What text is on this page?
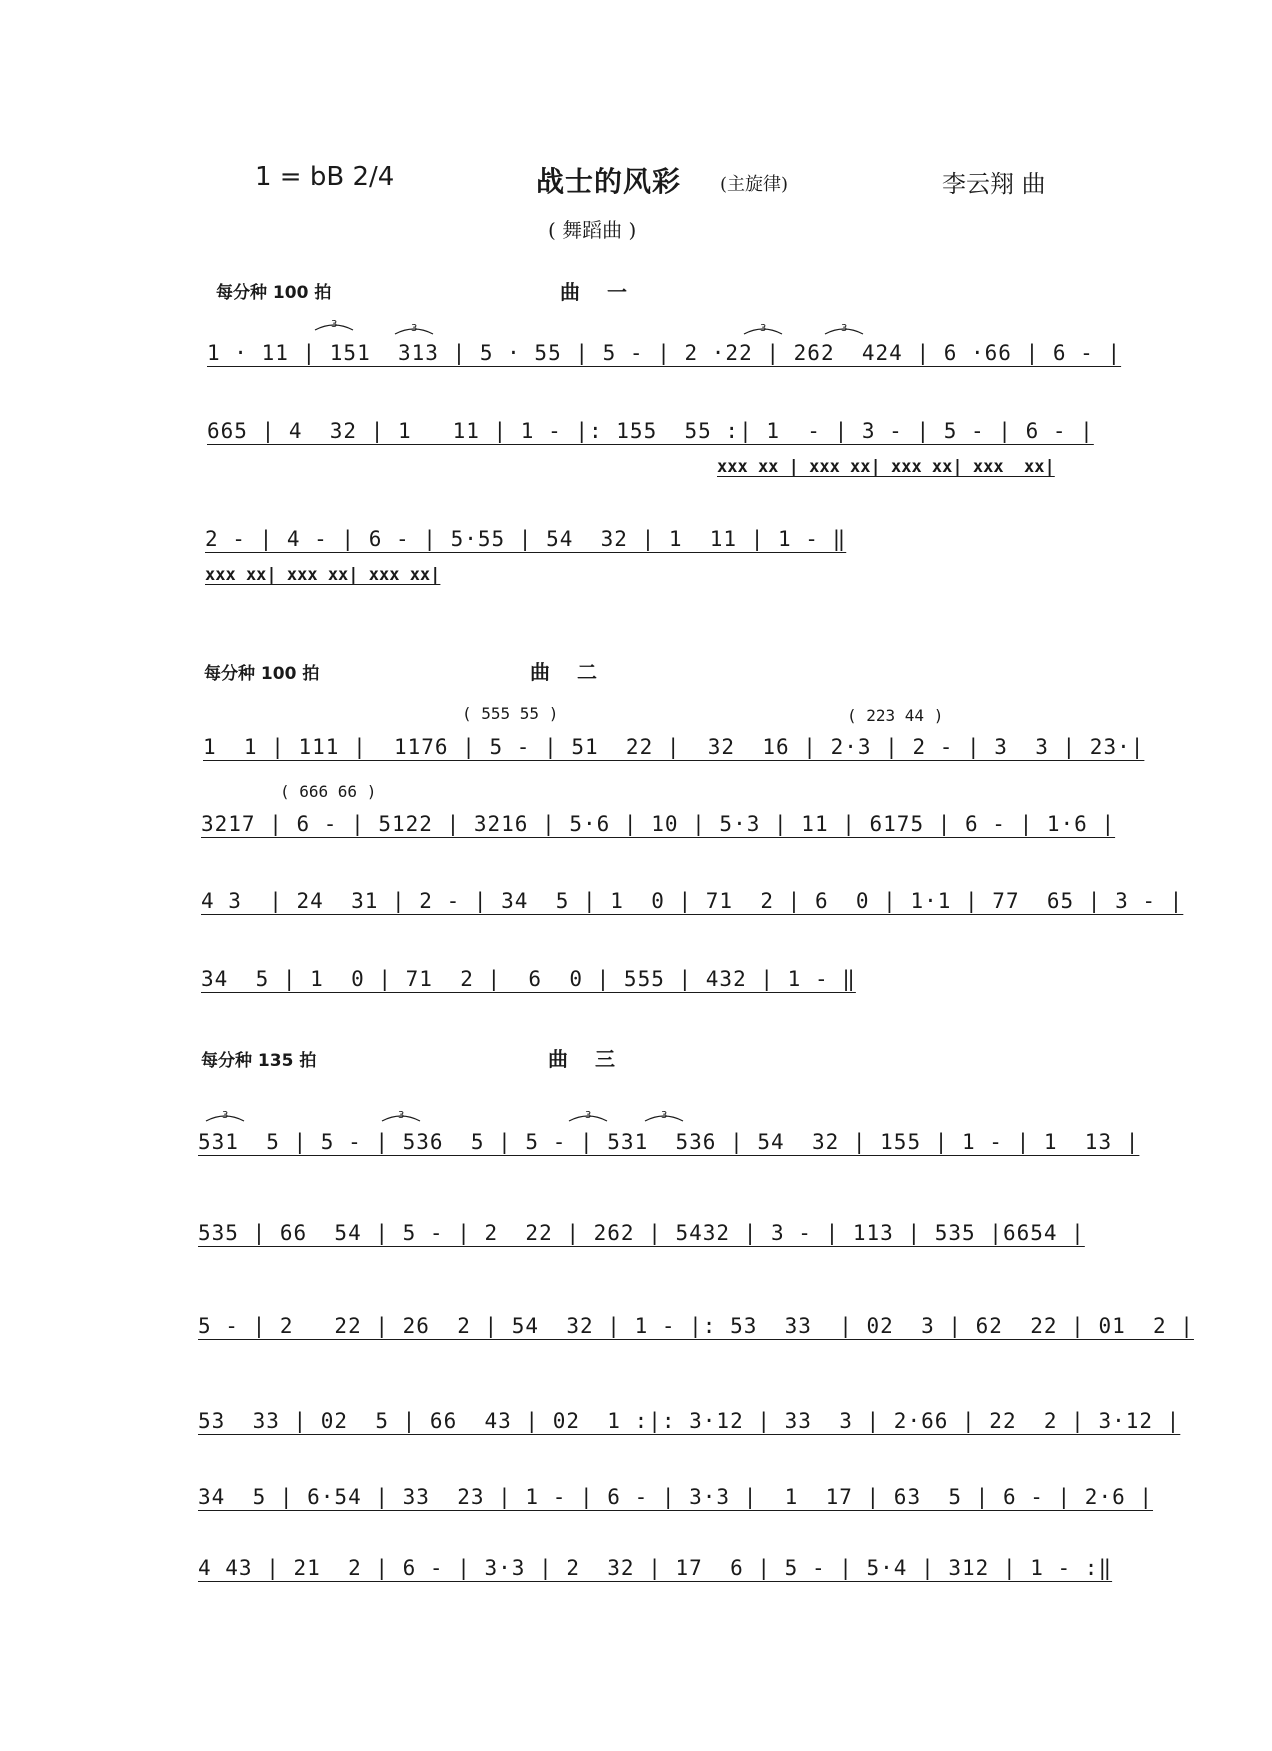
1 = bB 2/4	战士的风彩 (主旋律)	李云翔 曲
( 舞蹈曲 )
每分种 100 拍	曲 一
3	3	3	3
1 · 11 | 151  313 | 5 · 55 | 5 - | 2 ·22 | 262  424 | 6 ·66 | 6 - |
665 | 4  32 | 1   11 | 1 - |: 155  55 :| 1  - | 3 - | 5 - | 6 - |
xxx xx | xxx xx| xxx xx| xxx  xx|
2 - | 4 - | 6 - | 5·55 | 54  32 | 1  11 | 1 - ‖
xxx xx| xxx xx| xxx xx|
每分种 100 拍	曲 二
( 555 55 )	( 223 44 )
1  1 | 111 |  1176 | 5 - | 51  22 |  32  16 | 2·3 | 2 - | 3  3 | 23·|
( 666 66 )
3217 | 6 - | 5122 | 3216 | 5·6 | 10 | 5·3 | 11 | 6175 | 6 - | 1·6 |
4 3  | 24  31 | 2 - | 34  5 | 1  0 | 71  2 | 6  0 | 1·1 | 77  65 | 3 - |
34  5 | 1  0 | 71  2 |  6  0 | 555 | 432 | 1 - ‖
每分种 135 拍	曲 三
3	3	3	3
531  5 | 5 - | 536  5 | 5 - | 531  536 | 54  32 | 155 | 1 - | 1  13 |
535 | 66  54 | 5 - | 2  22 | 262 | 5432 | 3 - | 113 | 535 |6654 |
5 - | 2   22 | 26  2 | 54  32 | 1 - |: 53  33  | 02  3 | 62  22 | 01  2 |
53  33 | 02  5 | 66  43 | 02  1 :|: 3·12 | 33  3 | 2·66 | 22  2 | 3·12 |
34  5 | 6·54 | 33  23 | 1 - | 6 - | 3·3 |  1  17 | 63  5 | 6 - | 2·6 |
4 43 | 21  2 | 6 - | 3·3 | 2  32 | 17  6 | 5 - | 5·4 | 312 | 1 - :‖
